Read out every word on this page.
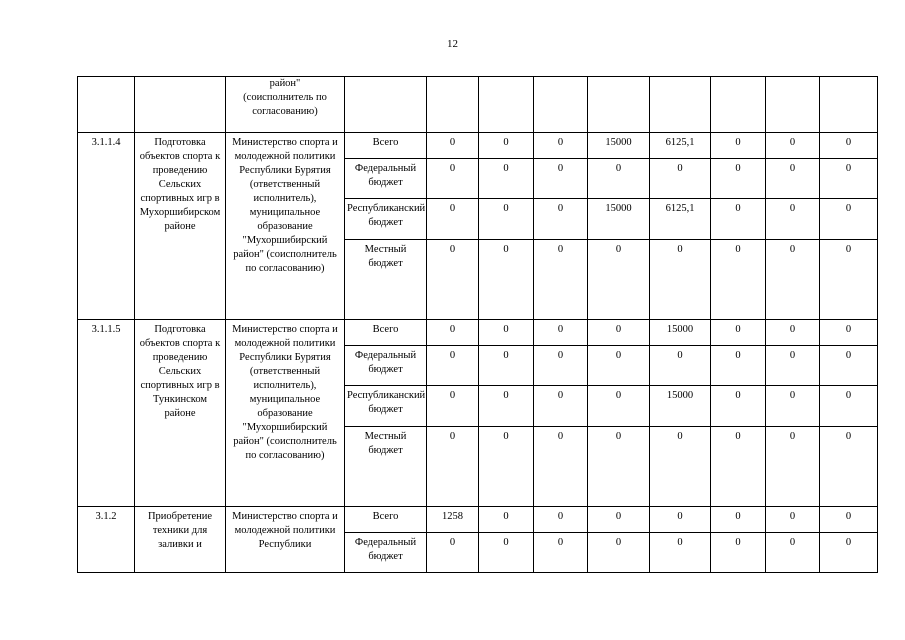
12
		район"
(соисполнитель по
согласованию)									
3.1.1.4	Подготовка объектов спорта к проведению Сельских спортивных игр в Мухоршибирском районе	Министерство спорта и молодежной политики Республики Бурятия (ответственный исполнитель), муниципальное образование "Мухоршибирский район" (соисполнитель по согласованию)	Всего	0	0	0	15000	6125,1	0	0	0
			Федеральный бюджет	0	0	0	0	0	0	0	0
			Республиканский бюджет	0	0	0	15000	6125,1	0	0	0
			Местный бюджет	0	0	0	0	0	0	0	0
3.1.1.5	Подготовка объектов спорта к проведению Сельских спортивных игр в Тункинском районе	Министерство спорта и молодежной политики Республики Бурятия (ответственный исполнитель), муниципальное образование "Мухоршибирский район" (соисполнитель по согласованию)	Всего	0	0	0	0	15000	0	0	0
			Федеральный бюджет	0	0	0	0	0	0	0	0
			Республиканский бюджет	0	0	0	0	15000	0	0	0
			Местный бюджет	0	0	0	0	0	0	0	0
3.1.2	Приобретение техники для заливки и	Министерство спорта и молодежной политики Республики	Всего	1258	0	0	0	0	0	0	0
			Федеральный бюджет	0	0	0	0	0	0	0	0
